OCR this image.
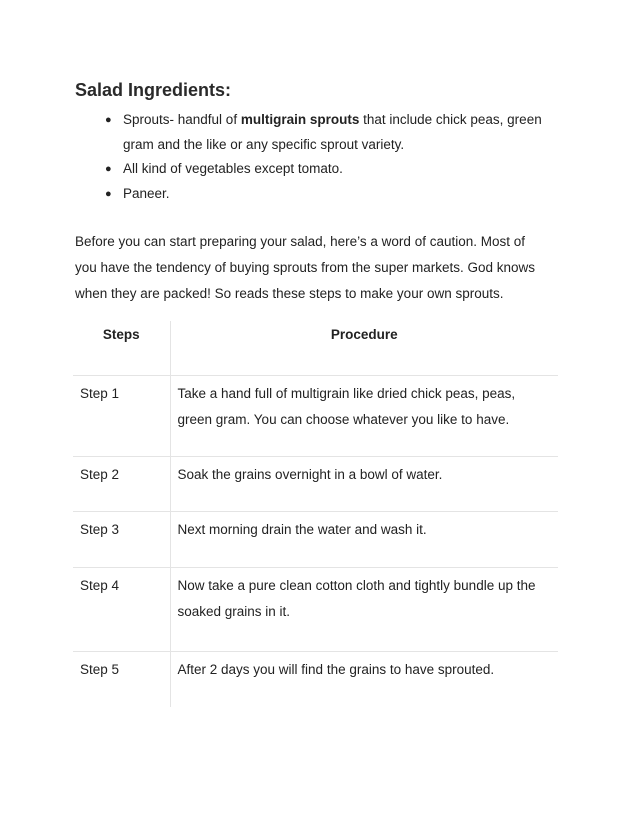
Salad Ingredients:
● Sprouts- handful of multigrain sprouts that include chick peas, green gram and the like or any specific sprout variety.
● All kind of vegetables except tomato.
● Paneer.

Before you can start preparing your salad, here’s a word of caution. Most of you have the tendency of buying sprouts from the super markets. God knows when they are packed! So reads these steps to make your own sprouts.

Steps	Procedure
Step 1	Take a hand full of multigrain like dried chick peas, peas, green gram. You can choose whatever you like to have.
Step 2	Soak the grains overnight in a bowl of water.
Step 3	Next morning drain the water and wash it.
Step 4	Now take a pure clean cotton cloth and tightly bundle up the soaked grains in it.
Step 5	After 2 days you will find the grains to have sprouted.
